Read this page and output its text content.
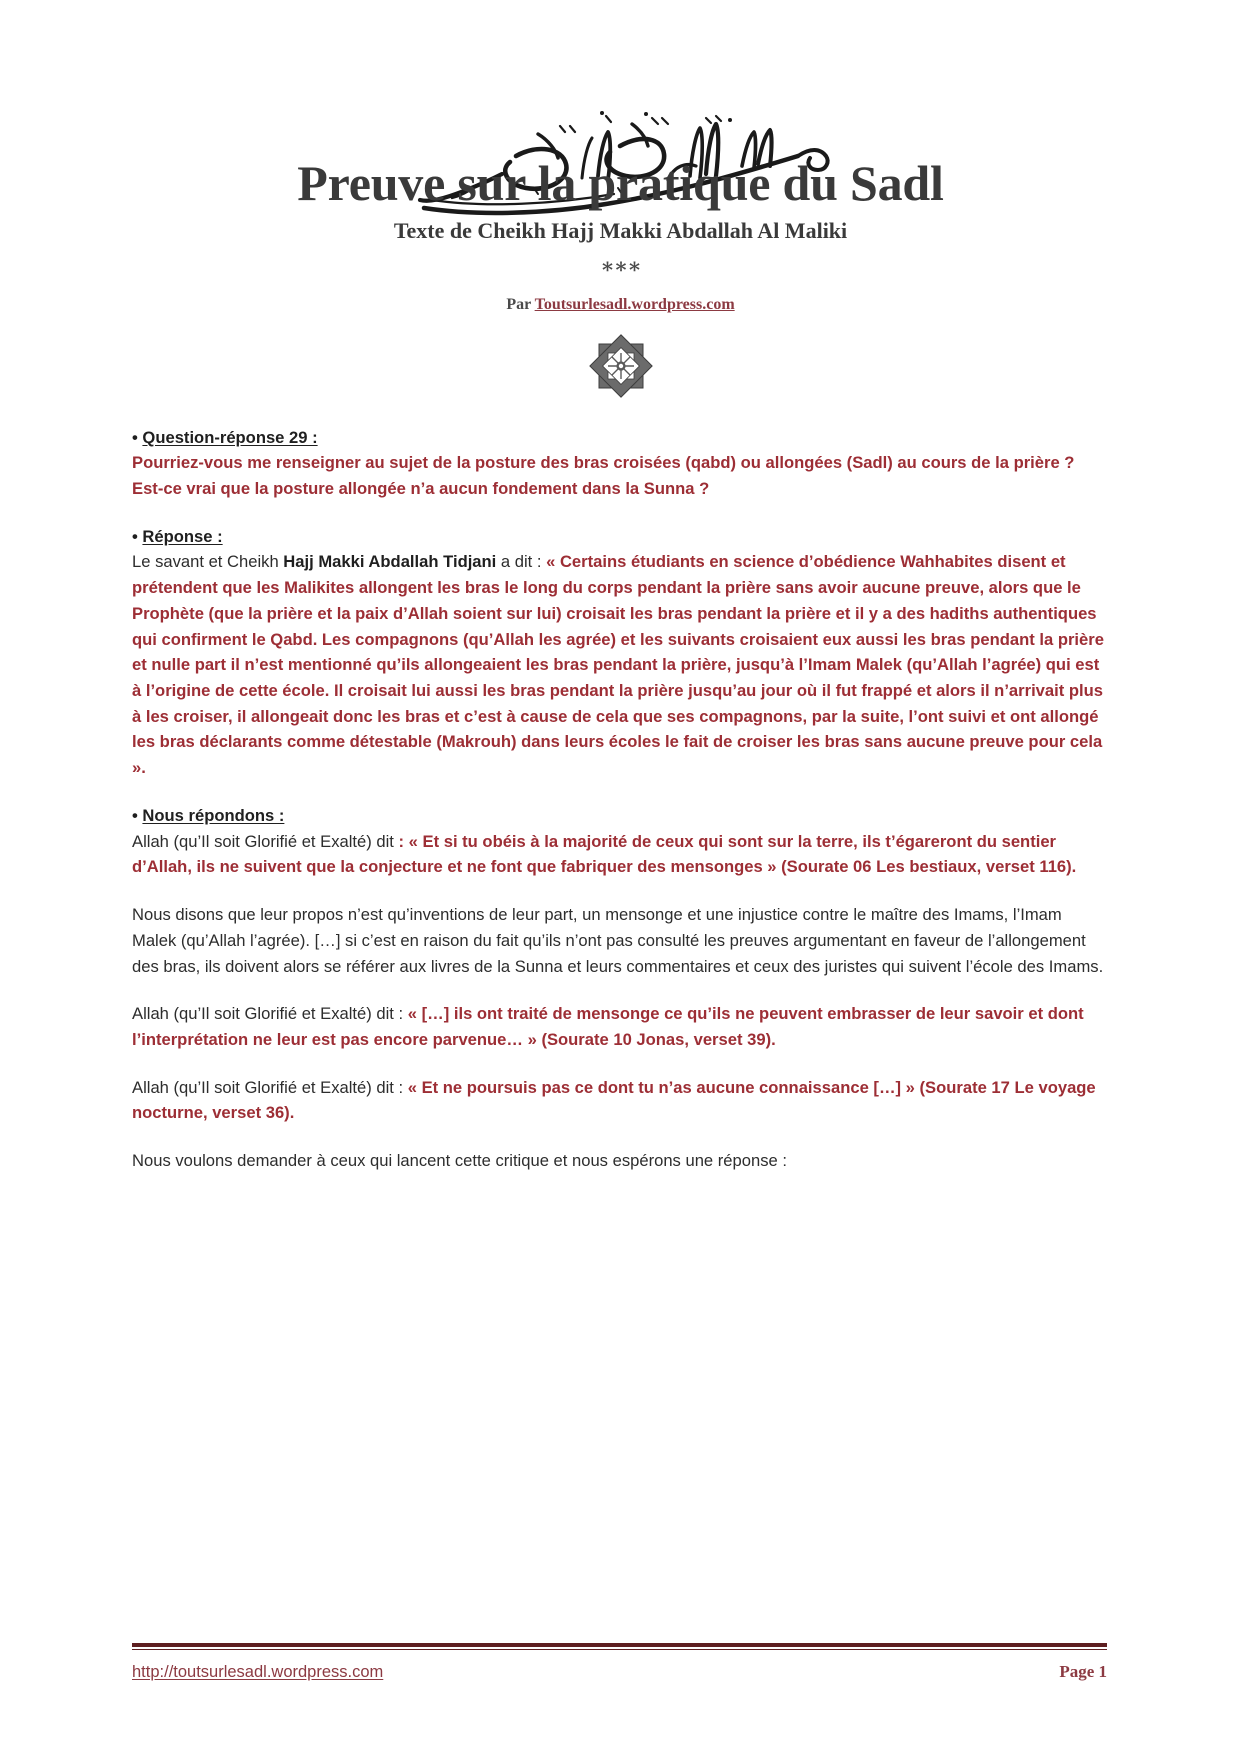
Preuve sur la pratique du Sadl
Texte de Cheikh Hajj Makki Abdallah Al Maliki
∗∗∗
Par Toutsurlesadl.wordpress.com

• Question-réponse 29 :

Pourriez-vous me renseigner au sujet de la posture des bras croisées (qabd) ou allongées (Sadl) au cours de la prière ? Est-ce vrai que la posture allongée n’a aucun fondement dans la Sunna ?

• Réponse :

Le savant et Cheikh Hajj Makki Abdallah Tidjani a dit : « Certains étudiants en science d’obédience Wahhabites disent et prétendent que les Malikites allongent les bras le long du corps pendant la prière sans avoir aucune preuve, alors que le Prophète (que la prière et la paix d’Allah soient sur lui) croisait les bras pendant la prière et il y a des hadiths authentiques qui confirment le Qabd. Les compagnons (qu’Allah les agrée) et les suivants croisaient eux aussi les bras pendant la prière et nulle part il n’est mentionné qu’ils allongeaient les bras pendant la prière, jusqu’à l’Imam Malek (qu’Allah l’agrée) qui est à l’origine de cette école. Il croisait lui aussi les bras pendant la prière jusqu’au jour où il fut frappé et alors il n’arrivait plus à les croiser, il allongeait donc les bras et c’est à cause de cela que ses compagnons, par la suite, l’ont suivi et ont allongé les bras déclarants comme détestable (Makrouh) dans leurs écoles le fait de croiser les bras sans aucune preuve pour cela ».

• Nous répondons :

Allah (qu’Il soit Glorifié et Exalté) dit : « Et si tu obéis à la majorité de ceux qui sont sur la terre, ils t’égareront du sentier d’Allah, ils ne suivent que la conjecture et ne font que fabriquer des mensonges » (Sourate 06 Les bestiaux, verset 116).

Nous disons que leur propos n’est qu’inventions de leur part, un mensonge et une injustice contre le maître des Imams, l’Imam Malek (qu’Allah l’agrée). […] si c’est en raison du fait qu’ils n’ont pas consulté les preuves argumentant en faveur de l’allongement des bras, ils doivent alors se référer aux livres de la Sunna et leurs commentaires et ceux des juristes qui suivent l’école des Imams.

Allah (qu’Il soit Glorifié et Exalté) dit : « […] ils ont traité de mensonge ce qu’ils ne peuvent embrasser de leur savoir et dont l’interprétation ne leur est pas encore parvenue… » (Sourate 10 Jonas, verset 39).

Allah (qu’Il soit Glorifié et Exalté) dit : « Et ne poursuis pas ce dont tu n’as aucune connaissance […] » (Sourate 17 Le voyage nocturne, verset 36).

Nous voulons demander à ceux qui lancent cette critique et nous espérons une réponse :

http://toutsurlesadl.wordpress.com	Page 1
